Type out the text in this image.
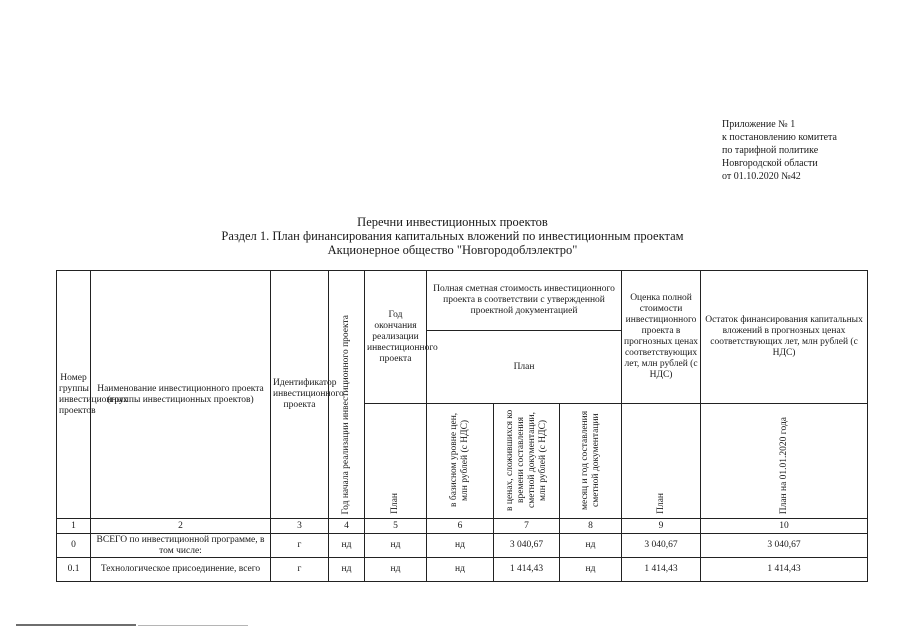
Приложение № 1
к постановлению комитета
по тарифной политике
Новгородской области
от 01.10.2020 №42
Перечни инвестиционных проектов
Раздел 1. План финансирования капитальных вложений по инвестиционным проектам
Акционерное общество "Новгородоблэлектро"
Номер группы инвестиционных проектов	Наименование инвестиционного проекта (группы инвестиционных проектов)	Идентификатор инвестиционного проекта	Год начала реализации инвестиционного проекта	Год окончания реализации инвестиционного проекта	Полная сметная стоимость инвестиционного проекта в соответствии с утвержденной проектной документацией			Оценка полной стоимости инвестиционного проекта в прогнозных ценах соответствующих лет, млн рублей (с НДС)	Остаток финансирования капитальных вложений в прогнозных ценах соответствующих лет, млн рублей (с НДС)
					План				

				План	в базисном уровне цен, млн рублей (с НДС)	в ценах, сложившихся ко времени составления сметной документации, млн рублей (с НДС)	месяц и год составления сметной документации	План	План на 01.01.2020 года

1	2	3	4	5	6	7	8	9	10
0	ВСЕГО по инвестиционной программе, в том числе:	г	нд	нд	нд	3 040,67	нд	3 040,67	3 040,67
0.1	Технологическое присоединение, всего	г	нд	нд	нд	1 414,43	нд	1 414,43	1 414,43
